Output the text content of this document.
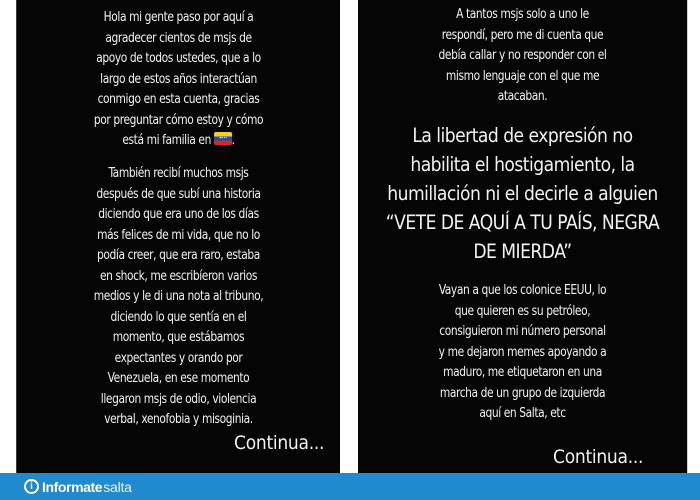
Hola mi gente paso por aquí a
agradecer cientos de msjs de
apoyo de todos ustedes, que a lo
largo de estos años interactúan
conmigo en esta cuenta, gracias
por preguntar cómo estoy y cómo
está mi familia en .
También recibí muchos msjs
después de que subí una historia
diciendo que era uno de los días
más felices de mi vida, que no lo
podía creer, que era raro, estaba
en shock, me escribíeron varios
medios y le di una nota al tribuno,
diciendo lo que sentía en el
momento, que estábamos
expectantes y orando por
Venezuela, en ese momento
llegaron msjs de odio, violencia
verbal, xenofobia y misoginia.
Continua...
A tantos msjs solo a uno le
respondí, pero me di cuenta que
debía callar y no responder con el
mismo lenguaje con el que me
atacaban.
La libertad de expresión no
habilita el hostigamiento, la
humillación ni el decirle a alguien
“VETE DE AQUÍ A TU PAÍS, NEGRA
DE MIERDA”
Vayan a que los colonice EEUU, lo
que quieren es su petróleo,
consiguieron mi número personal
y me dejaron memes apoyando a
maduro, me etiquetaron en una
marcha de un grupo de izquierda
aquí en Salta, etc
Continua...
i Informate salta
